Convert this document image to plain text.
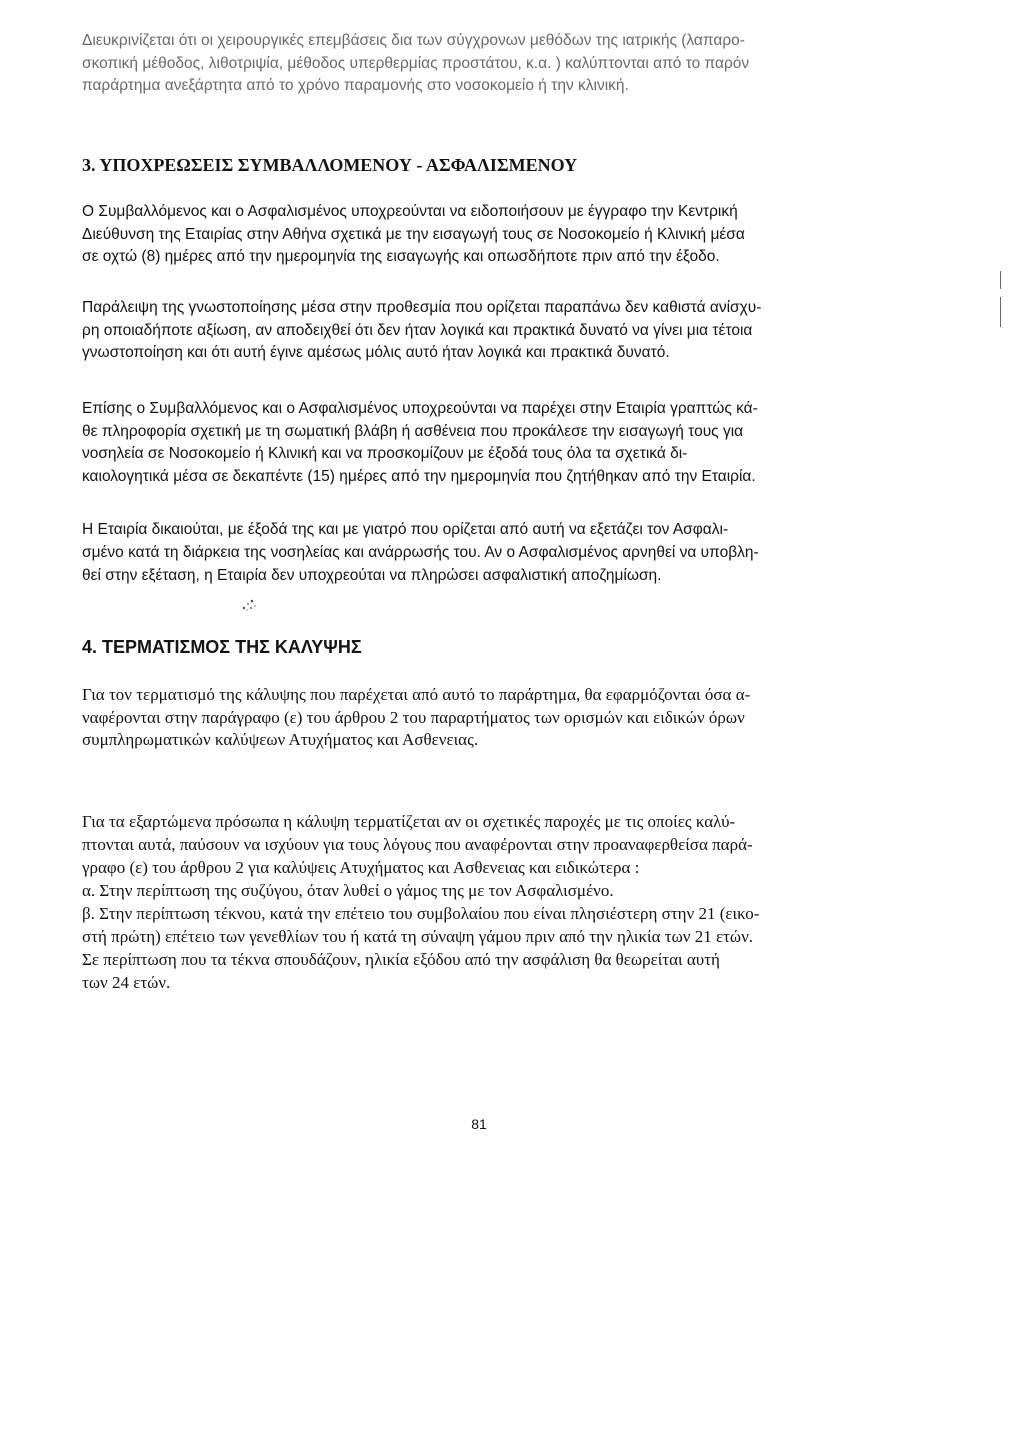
Διευκρινίζεται ότι οι χειρουργικές επεμβάσεις δια των σύγχρονων μεθόδων της ιατρικής (λαπαρο-
σκοπική μέθοδος, λιθοτριψία, μέθοδος υπερθερμίας προστάτου, κ.α. ) καλύπτονται από το παρόν
παράρτημα ανεξάρτητα από το χρόνο παραμονής στο νοσοκομείο ή την κλινική.
3. ΥΠΟΧΡΕΩΣΕΙΣ ΣΥΜΒΑΛΛΟΜΕΝΟΥ - ΑΣΦΑΛΙΣΜΕΝΟΥ
Ο Συμβαλλόμενος και ο Ασφαλισμένος υποχρεούνται να ειδοποιήσουν με έγγραφο την Κεντρική
Διεύθυνση της Εταιρίας στην Αθήνα σχετικά με την εισαγωγή τους σε Νοσοκομείο ή Κλινική μέσα
σε οχτώ (8) ημέρες από την ημερομηνία της εισαγωγής και οπωσδήποτε πριν από την έξοδο.
Παράλειψη της γνωστοποίησης μέσα στην προθεσμία που ορίζεται παραπάνω δεν καθιστά ανίσχυ-
ρη οποιαδήποτε αξίωση, αν αποδειχθεί ότι δεν ήταν λογικά και πρακτικά δυνατό να γίνει μια τέτοια
γνωστοποίηση και ότι αυτή έγινε αμέσως μόλις αυτό ήταν λογικά και πρακτικά δυνατό.
Επίσης ο Συμβαλλόμενος και ο Ασφαλισμένος υποχρεούνται να παρέχει στην Εταιρία γραπτώς κά-
θε πληροφορία σχετική με τη σωματική βλάβη ή ασθένεια που προκάλεσε την εισαγωγή τους για
νοσηλεία σε Νοσοκομείο ή Κλινική και να προσκομίζουν με έξοδά τους όλα τα σχετικά δι-
καιολογητικά μέσα σε δεκαπέντε (15) ημέρες από την ημερομηνία που ζητήθηκαν από την Εταιρία.
Η Εταιρία δικαιούται, με έξοδά της και με γιατρό που ορίζεται από αυτή να εξετάζει τον Ασφαλι-
σμένο κατά τη διάρκεια της νοσηλείας και ανάρρωσής του. Αν ο Ασφαλισμένος αρνηθεί να υποβλη-
θεί στην εξέταση, η Εταιρία δεν υποχρεούται να πληρώσει ασφαλιστική αποζημίωση.
4. ΤΕΡΜΑΤΙΣΜΟΣ ΤΗΣ ΚΑΛΥΨΗΣ
Για τον τερματισμό της κάλυψης που παρέχεται από αυτό το παράρτημα, θα εφαρμόζονται όσα α-
ναφέρονται στην παράγραφο (ε) του άρθρου 2 του παραρτήματος των ορισμών και ειδικών όρων
συμπληρωματικών καλύψεων Ατυχήματος και Ασθενειας.
Για τα εξαρτώμενα πρόσωπα η κάλυψη τερματίζεται αν οι σχετικές παροχές με τις οποίες καλύ-
πτονται αυτά, παύσουν να ισχύουν για τους λόγους που αναφέρονται στην προαναφερθείσα παρά-
γραφο (ε) του άρθρου 2 για καλύψεις Ατυχήματος και Ασθενειας και ειδικώτερα :
α. Στην περίπτωση της συζύγου, όταν λυθεί ο γάμος της με τον Ασφαλισμένο.
β. Στην περίπτωση τέκνου, κατά την επέτειο του συμβολαίου που είναι πλησιέστερη στην 21 (εικο-
στή πρώτη) επέτειο των γενεθλίων του ή κατά τη σύναψη γάμου πριν από την ηλικία των 21 ετών.
Σε περίπτωση που τα τέκνα σπουδάζουν, ηλικία εξόδου από την ασφάλιση θα θεωρείται αυτή
των 24 ετών.
81
